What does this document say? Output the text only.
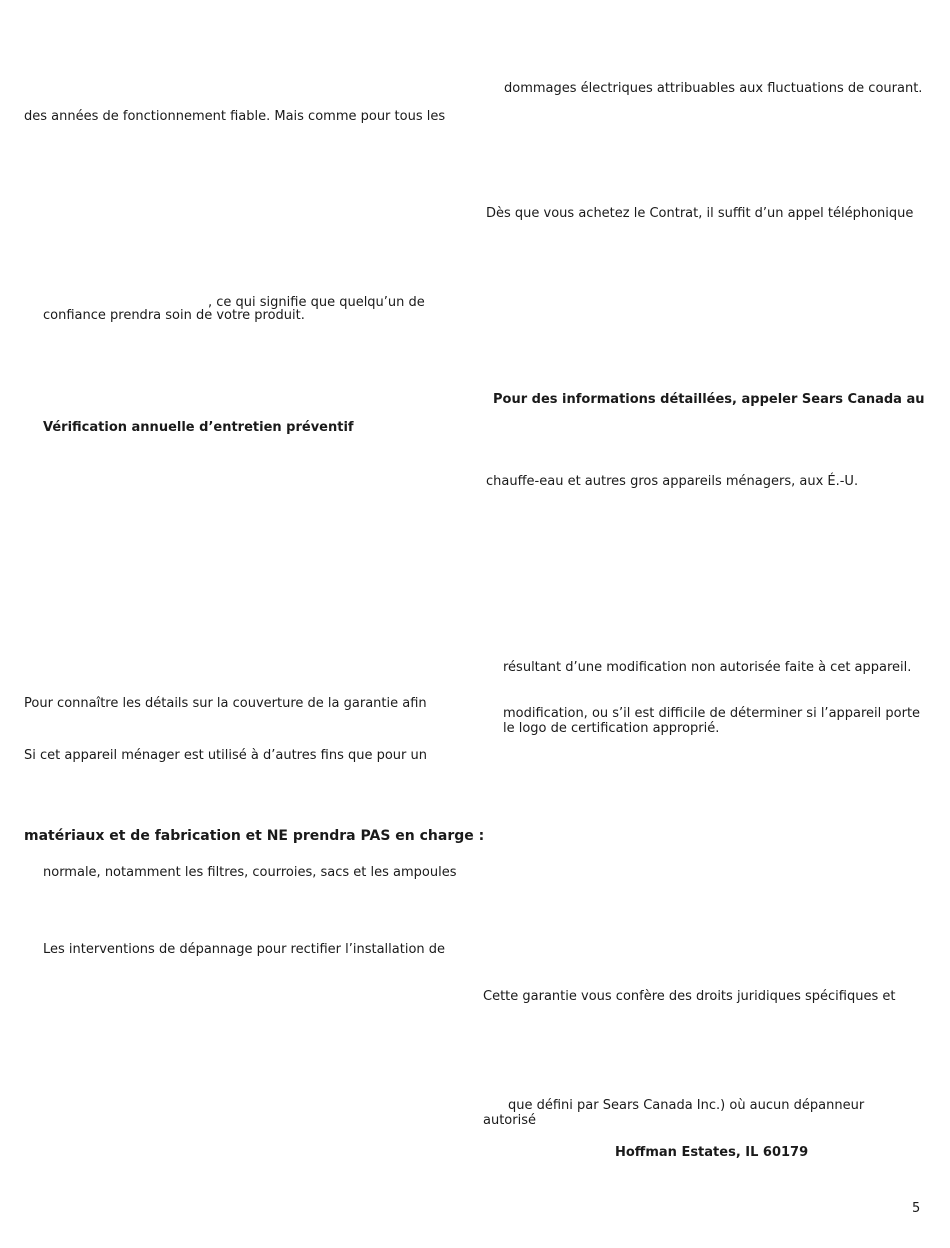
des années de fonctionnement fiable. Mais comme pour tous les
, ce qui signifie que quelqu’un de
confiance prendra soin de votre produit.
Vérification annuelle d’entretien préventif
Pour connaître les détails sur la couverture de la garantie afin
Si cet appareil ménager est utilisé à d’autres fins que pour un
matériaux et de fabrication et NE prendra PAS en charge :
normale, notamment les filtres, courroies, sacs et les ampoules
Les interventions de dépannage pour rectifier l’installation de
dommages électriques attribuables aux fluctuations de courant.
Dès que vous achetez le Contrat, il suffit d’un appel téléphonique
Pour des informations détaillées, appeler Sears Canada au
chauffe-eau et autres gros appareils ménagers, aux É.-U.
résultant d’une modification non autorisée faite à cet appareil.
modification, ou s’il est difficile de déterminer si l’appareil porte
le logo de certification approprié.
Cette garantie vous confère des droits juridiques spécifiques et
que défini par Sears Canada Inc.) où aucun dépanneur
autorisé
Hoffman Estates, IL 60179
5
